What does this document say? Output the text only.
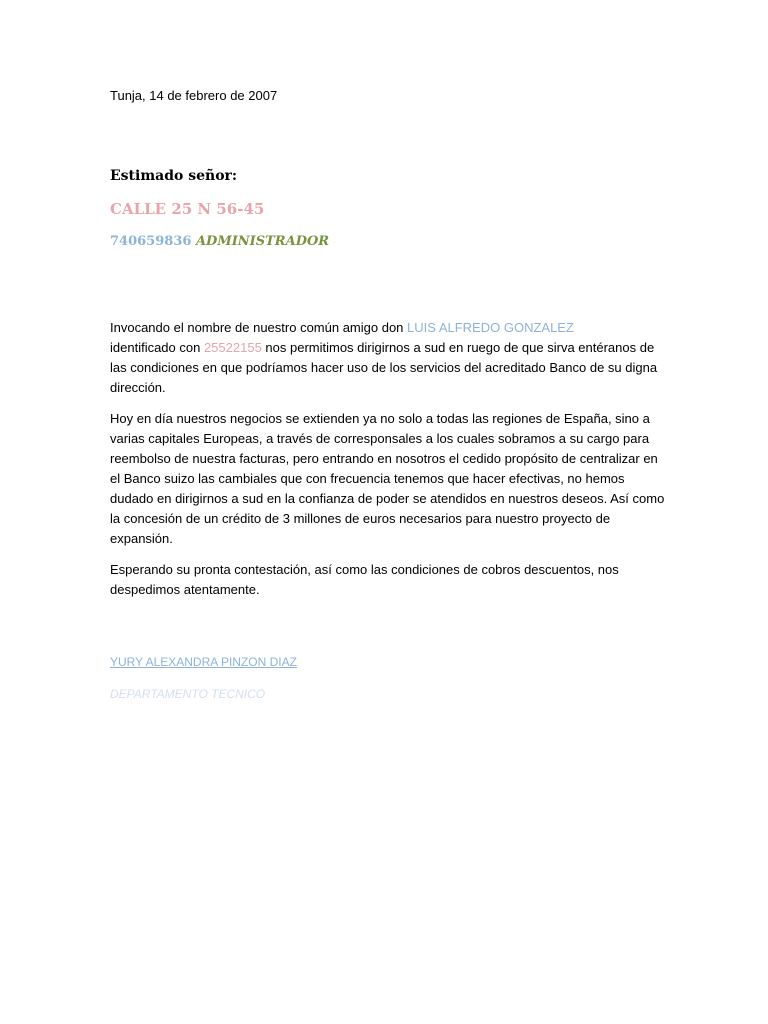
Tunja, 14 de febrero de 2007
Estimado señor:
CALLE 25 N 56-45
740659836 ADMINISTRADOR

Invocando el nombre de nuestro común amigo don LUIS ALFREDO GONZALEZ
identificado con 25522155 nos permitimos dirigirnos a sud en ruego de que sirva entéranos de las condiciones en que podríamos hacer uso de los servicios del acreditado Banco de su digna dirección.

Hoy en día nuestros negocios se extienden ya no solo a todas las regiones de España, sino a varias capitales Europeas, a través de corresponsales a los cuales sobramos a su cargo para reembolso de nuestra facturas, pero entrando en nosotros el cedido propósito de centralizar en el Banco suizo las cambiales que con frecuencia tenemos que hacer efectivas, no hemos dudado en dirigirnos a sud en la confianza de poder se atendidos en nuestros deseos. Así como la concesión de un crédito de 3 millones de euros necesarios para nuestro proyecto de expansión.

Esperando su pronta contestación, así como las condiciones de cobros descuentos, nos despedimos atentamente.

YURY ALEXANDRA PINZON DIAZ
DEPARTAMENTO TECNICO
